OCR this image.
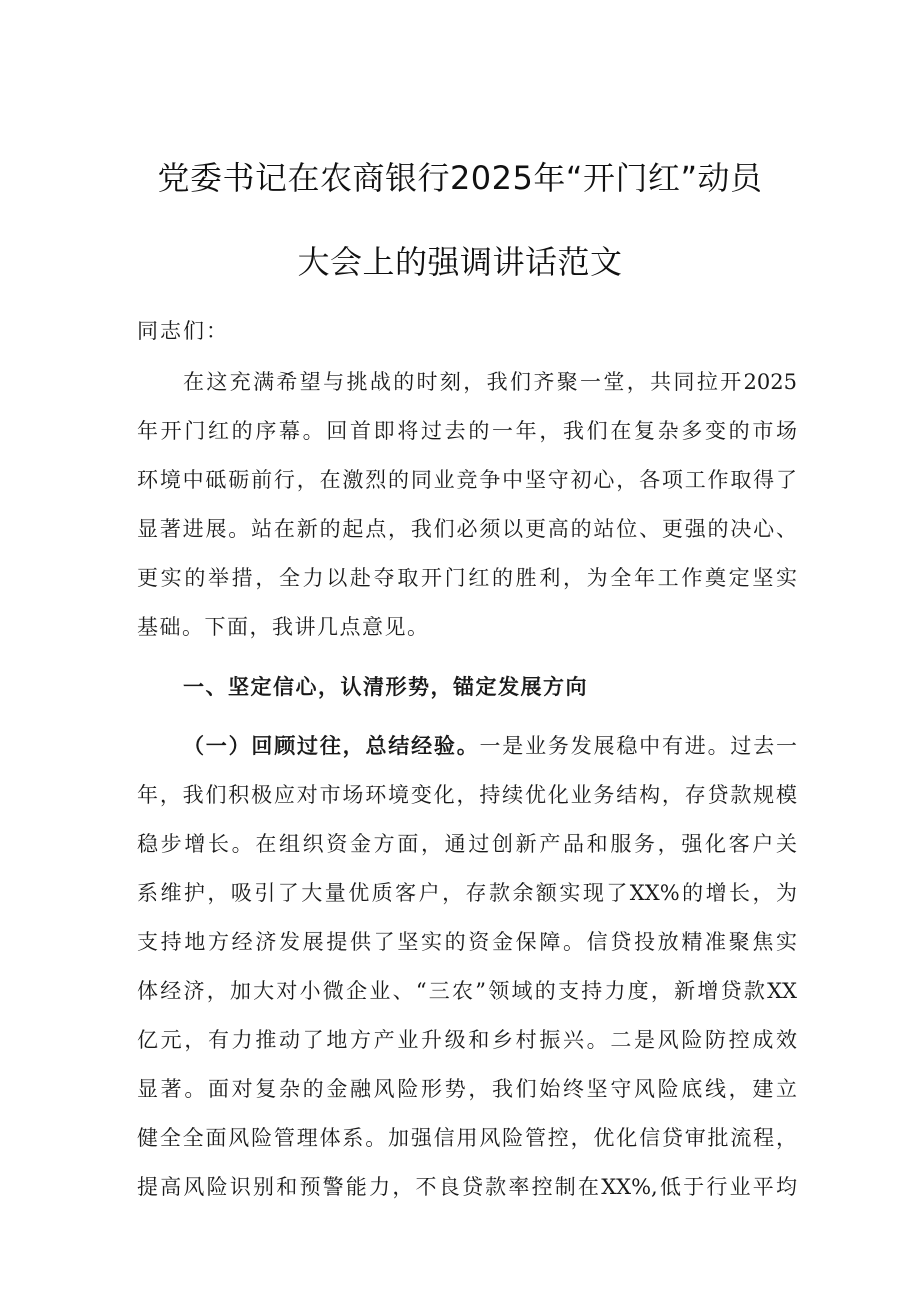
党委书记在农商银行2025年“开门红”动员
大会上的强调讲话范文
同志们：
在这充满希望与挑战的时刻，我们齐聚一堂，共同拉开2025
年开门红的序幕。回首即将过去的一年，我们在复杂多变的市场
环境中砥砺前行，在激烈的同业竞争中坚守初心，各项工作取得了
显著进展。站在新的起点，我们必须以更高的站位、更强的决心、
更实的举措，全力以赴夺取开门红的胜利，为全年工作奠定坚实
基础。下面，我讲几点意见。
一、坚定信心，认清形势，锚定发展方向
（一）回顾过往，总结经验。一是业务发展稳中有进。过去一
年，我们积极应对市场环境变化，持续优化业务结构，存贷款规模
稳步增长。在组织资金方面，通过创新产品和服务，强化客户关
系维护，吸引了大量优质客户，存款余额实现了XX%的增长，为
支持地方经济发展提供了坚实的资金保障。信贷投放精准聚焦实
体经济，加大对小微企业、“三农”领域的支持力度，新增贷款XX
亿元，有力推动了地方产业升级和乡村振兴。二是风险防控成效
显著。面对复杂的金融风险形势，我们始终坚守风险底线，建立
健全全面风险管理体系。加强信用风险管控，优化信贷审批流程，
提高风险识别和预警能力，不良贷款率控制在XX%,低于行业平均
